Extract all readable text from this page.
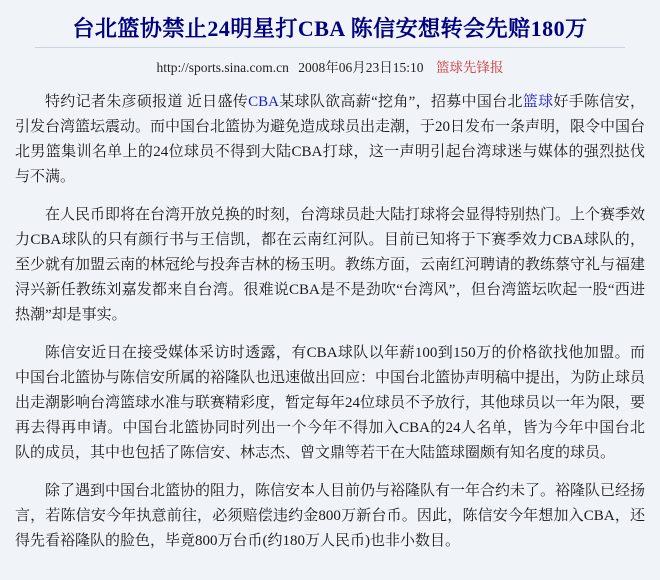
台北篮协禁止24明星打CBA 陈信安想转会先赔180万
http://sports.sina.com.cn 2008年06月23日15:10 篮球先锋报

特约记者朱彦硕报道 近日盛传CBA某球队欲高薪“挖角”，招募中国台北篮球好手陈信安，引发台湾篮坛震动。而中国台北篮协为避免造成球员出走潮，于20日发布一条声明，限令中国台北男篮集训名单上的24位球员不得到大陆CBA打球，这一声明引起台湾球迷与媒体的强烈挞伐与不满。

在人民币即将在台湾开放兑换的时刻，台湾球员赴大陆打球将会显得特别热门。上个赛季效力CBA球队的只有颜行书与王信凯，都在云南红河队。目前已知将于下赛季效力CBA球队的，至少就有加盟云南的林冠纶与投奔吉林的杨玉明。教练方面，云南红河聘请的教练蔡守礼与福建浔兴新任教练刘嘉发都来自台湾。很难说CBA是不是劲吹“台湾风”，但台湾篮坛吹起一股“西进热潮”却是事实。

陈信安近日在接受媒体采访时透露，有CBA球队以年薪100到150万的价格欲找他加盟。而中国台北篮协与陈信安所属的裕隆队也迅速做出回应：中国台北篮协声明稿中提出，为防止球员出走潮影响台湾篮球水准与联赛精彩度，暂定每年24位球员不予放行，其他球员以一年为限，要再去得再申请。中国台北篮协同时列出一个今年不得加入CBA的24人名单，皆为今年中国台北队的成员，其中也包括了陈信安、林志杰、曾文鼎等若干在大陆篮球圈颇有知名度的球员。

除了遇到中国台北篮协的阻力，陈信安本人目前仍与裕隆队有一年合约未了。裕隆队已经扬言，若陈信安今年执意前往，必须赔偿违约金800万新台币。因此，陈信安今年想加入CBA，还得先看裕隆队的脸色，毕竟800万台币(约180万人民币)也非小数目。
